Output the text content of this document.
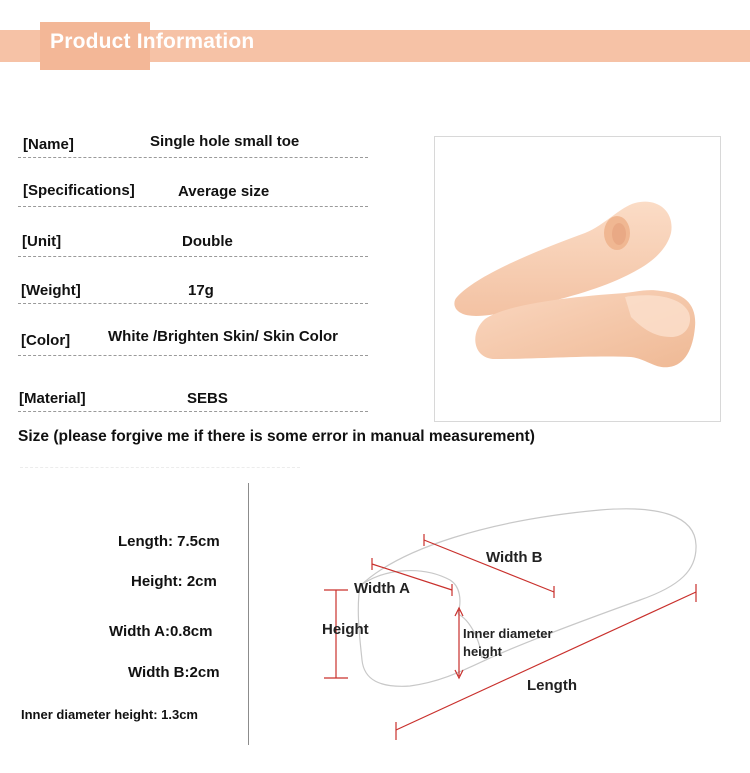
Product Information
[Name]	Single hole small toe
[Specifications]	Average size
[Unit]	Double
[Weight]	17g
[Color]	White /Brighten Skin/ Skin Color
[Material]	SEBS
Size (please forgive me if there is some error in manual measurement)
Length: 7.5cm
Height: 2cm
Width A:0.8cm
Width B:2cm
Inner diameter height: 1.3cm
Width B
Width A
Height	Inner diameter
height
Length
